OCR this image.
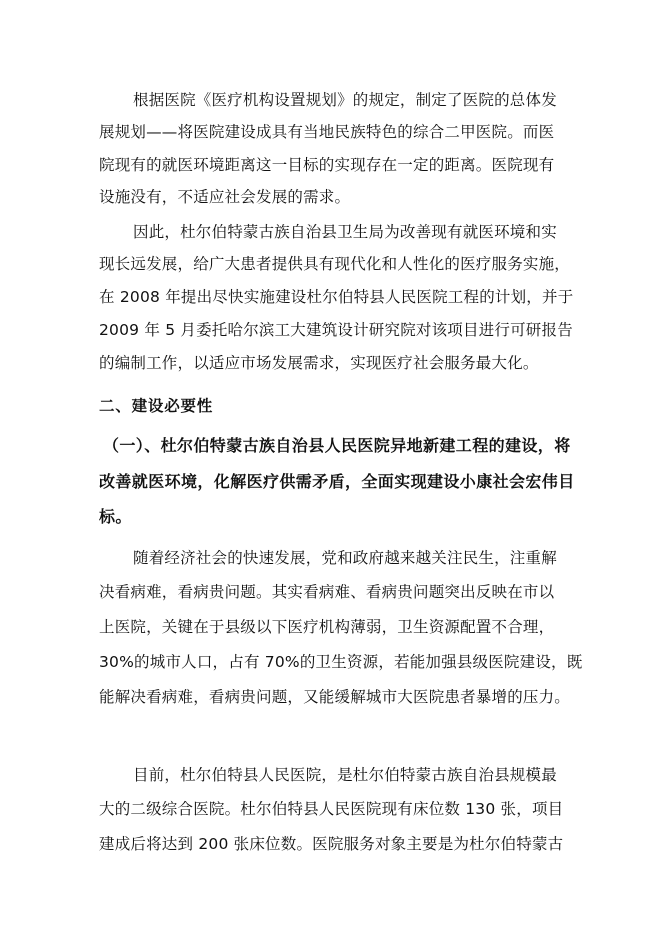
根据医院《医疗机构设置规划》的规定，制定了医院的总体发
展规划——将医院建设成具有当地民族特色的综合二甲医院。而医
院现有的就医环境距离这一目标的实现存在一定的距离。医院现有
设施没有，不适应社会发展的需求。
因此，杜尔伯特蒙古族自治县卫生局为改善现有就医环境和实
现长远发展，给广大患者提供具有现代化和人性化的医疗服务实施，
在 2008 年提出尽快实施建设杜尔伯特县人民医院工程的计划，并于
2009 年 5 月委托哈尔滨工大建筑设计研究院对该项目进行可研报告
的编制工作，以适应市场发展需求，实现医疗社会服务最大化。
二、建设必要性
（一）、杜尔伯特蒙古族自治县人民医院异地新建工程的建设，将
改善就医环境，化解医疗供需矛盾，全面实现建设小康社会宏伟目
标。
随着经济社会的快速发展，党和政府越来越关注民生，注重解
决看病难，看病贵问题。其实看病难、看病贵问题突出反映在市以
上医院，关键在于县级以下医疗机构薄弱，卫生资源配置不合理，
30%的城市人口，占有 70%的卫生资源，若能加强县级医院建设，既
能解决看病难，看病贵问题，又能缓解城市大医院患者暴增的压力。
目前，杜尔伯特县人民医院，是杜尔伯特蒙古族自治县规模最
大的二级综合医院。杜尔伯特县人民医院现有床位数 130 张，项目
建成后将达到 200 张床位数。医院服务对象主要是为杜尔伯特蒙古
